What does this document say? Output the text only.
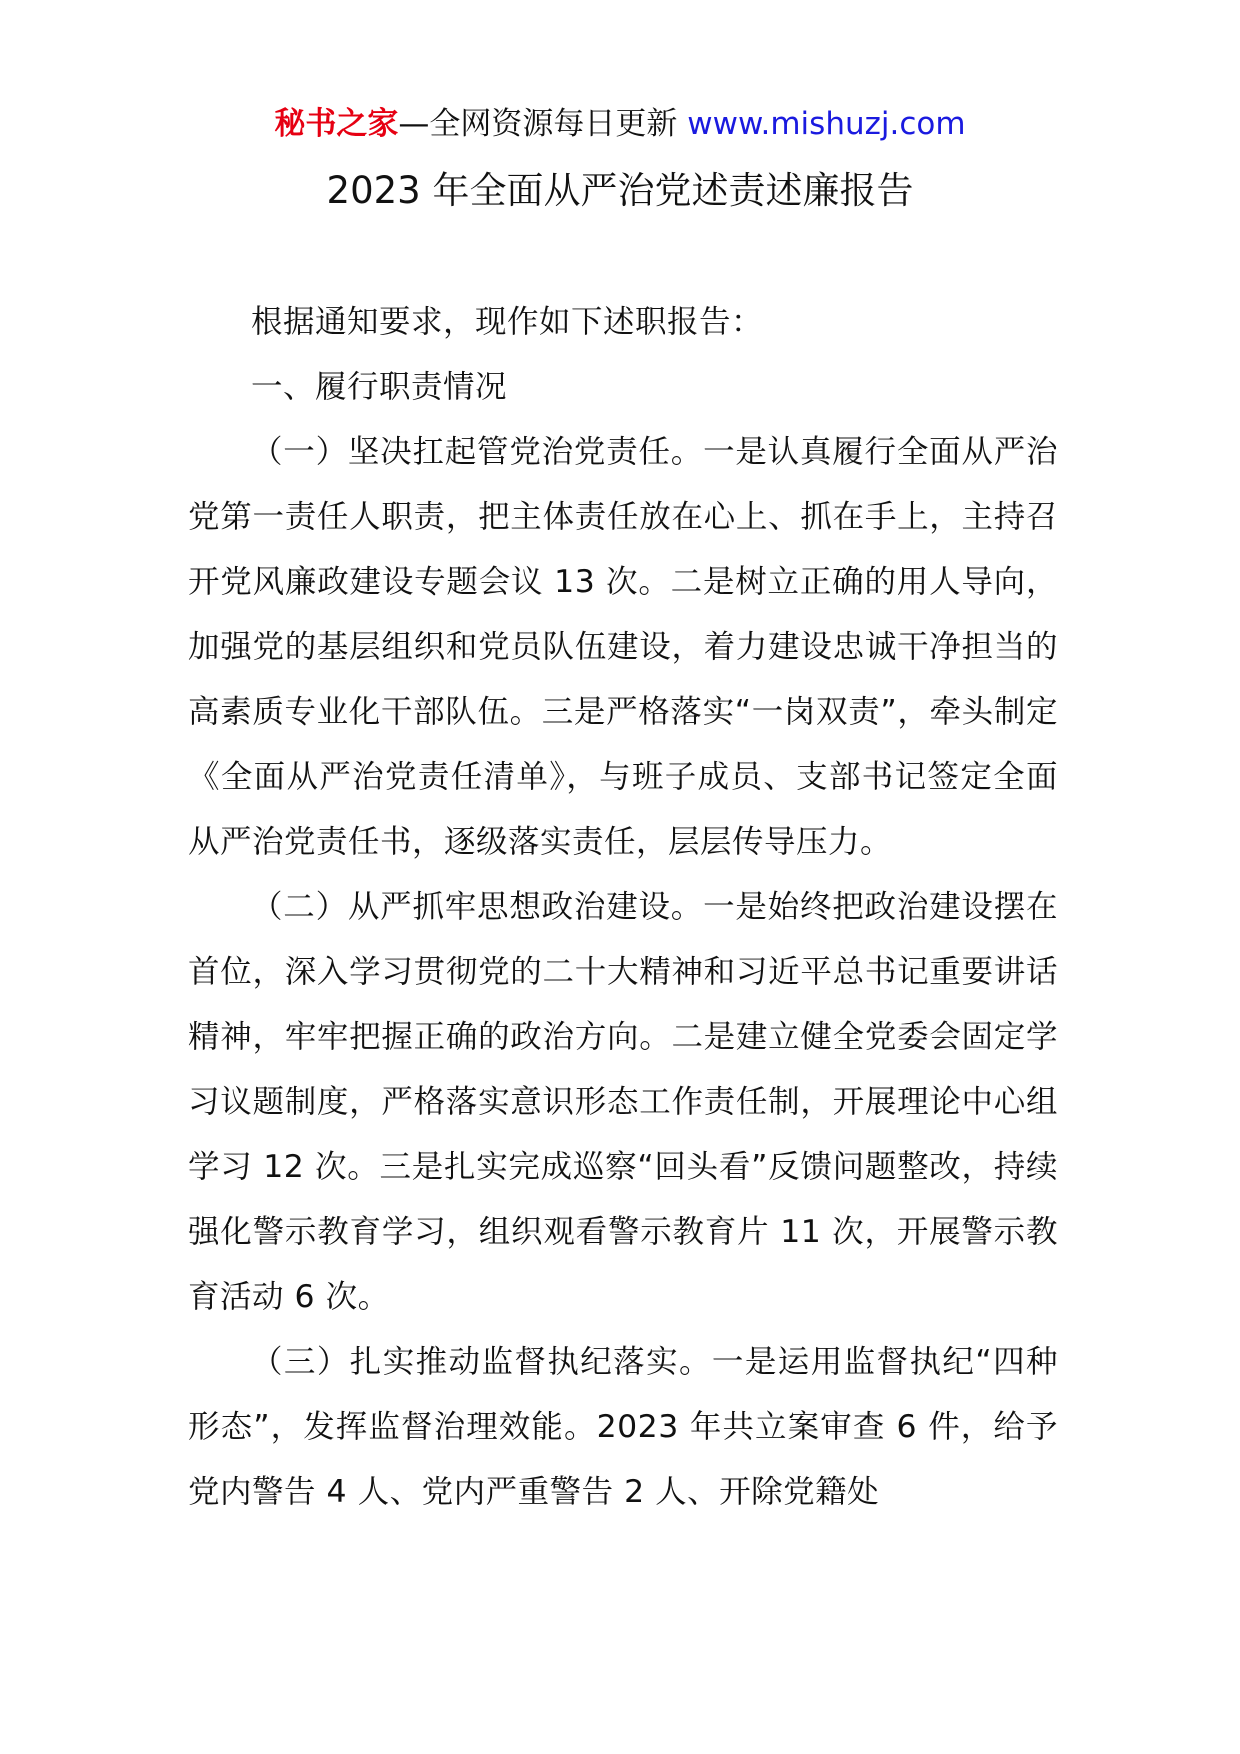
秘书之家—全网资源每日更新 www.mishuzj.com
2023 年全面从严治党述责述廉报告

根据通知要求，现作如下述职报告：

一、履行职责情况

（一）坚决扛起管党治党责任。一是认真履行全面从严治党第一责任人职责，把主体责任放在心上、抓在手上，主持召开党风廉政建设专题会议 13 次。二是树立正确的用人导向，加强党的基层组织和党员队伍建设，着力建设忠诚干净担当的高素质专业化干部队伍。三是严格落实“一岗双责”，牵头制定《全面从严治党责任清单》，与班子成员、支部书记签定全面从严治党责任书，逐级落实责任，层层传导压力。

（二）从严抓牢思想政治建设。一是始终把政治建设摆在首位，深入学习贯彻党的二十大精神和习近平总书记重要讲话精神，牢牢把握正确的政治方向。二是建立健全党委会固定学习议题制度，严格落实意识形态工作责任制，开展理论中心组学习 12 次。三是扎实完成巡察“回头看”反馈问题整改，持续强化警示教育学习，组织观看警示教育片 11 次，开展警示教育活动 6 次。

（三）扎实推动监督执纪落实。一是运用监督执纪“四种形态”，发挥监督治理效能。2023 年共立案审查 6 件，给予党内警告 4 人、党内严重警告 2 人、开除党籍处
